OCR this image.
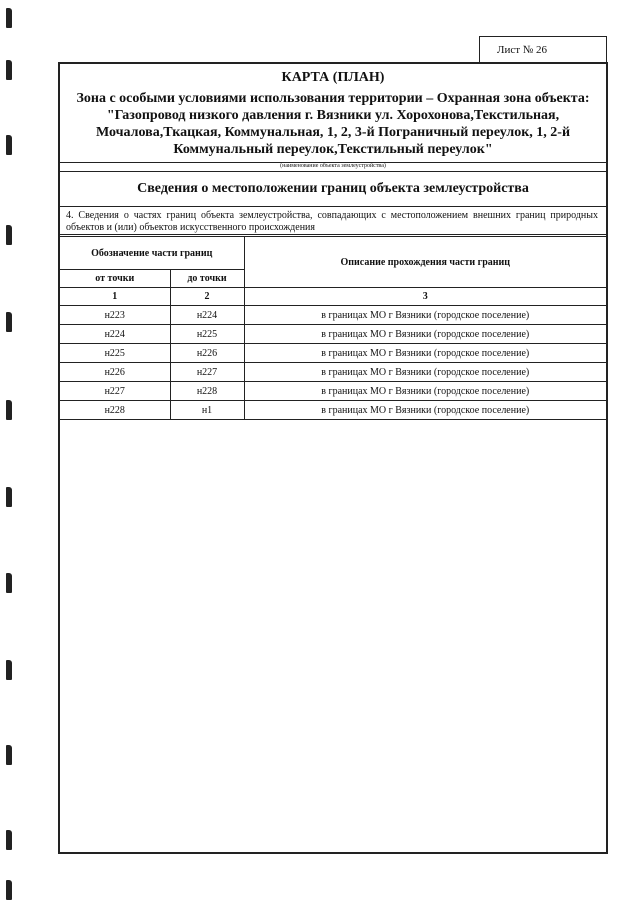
Лист № 26
КАРТА (ПЛАН)
Зона с особыми условиями использования территории – Охранная зона объекта:
"Газопровод низкого давления г. Вязники ул. Хорохонова,Текстильная,
Мочалова,Ткацкая, Коммунальная, 1, 2, 3-й Пограничный переулок, 1, 2-й
Коммунальный переулок,Текстильный переулок"
(наименование объекта землеустройства)
Сведения о местоположении границ объекта землеустройства
4. Сведения о частях границ объекта землеустройства, совпадающих с местоположением внешних границ природных объектов и (или) объектов искусственного происхождения
Обозначение части границ		Описание прохождения части границ
от точки	до точки	
1	2	3
н223	н224	в границах МО г Вязники (городское поселение)
н224	н225	в границах МО г Вязники (городское поселение)
н225	н226	в границах МО г Вязники (городское поселение)
н226	н227	в границах МО г Вязники (городское поселение)
н227	н228	в границах МО г Вязники (городское поселение)
н228	н1	в границах МО г Вязники (городское поселение)
